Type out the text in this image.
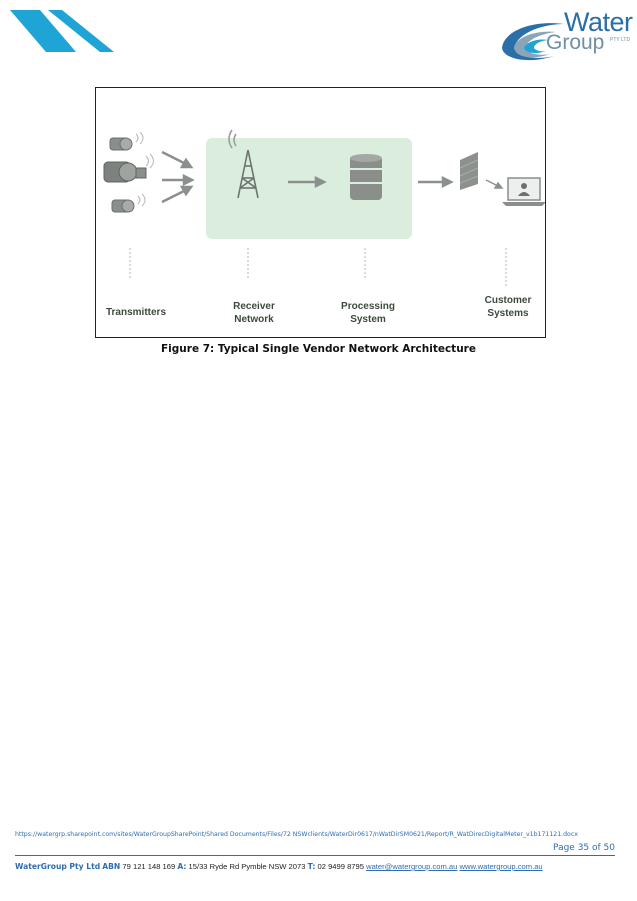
Water
Group PTY LTD
Transmitters
Receiver
Network
Processing
System
Customer
Systems
Figure 7: Typical Single Vendor Network Architecture
https://watergrp.sharepoint.com/sites/WaterGroupSharePoint/Shared Documents/Files/72 NSWclients/WaterDir0617/nWatDirSM0621/Report/R_WatDirecDigitalMeter_v1b171121.docx
Page 35 of 50
WaterGroup Pty Ltd ABN 79 121 148 169 A: 15/33 Ryde Rd Pymble NSW 2073 T: 02 9499 8795 water@watergroup.com.au www.watergroup.com.au
